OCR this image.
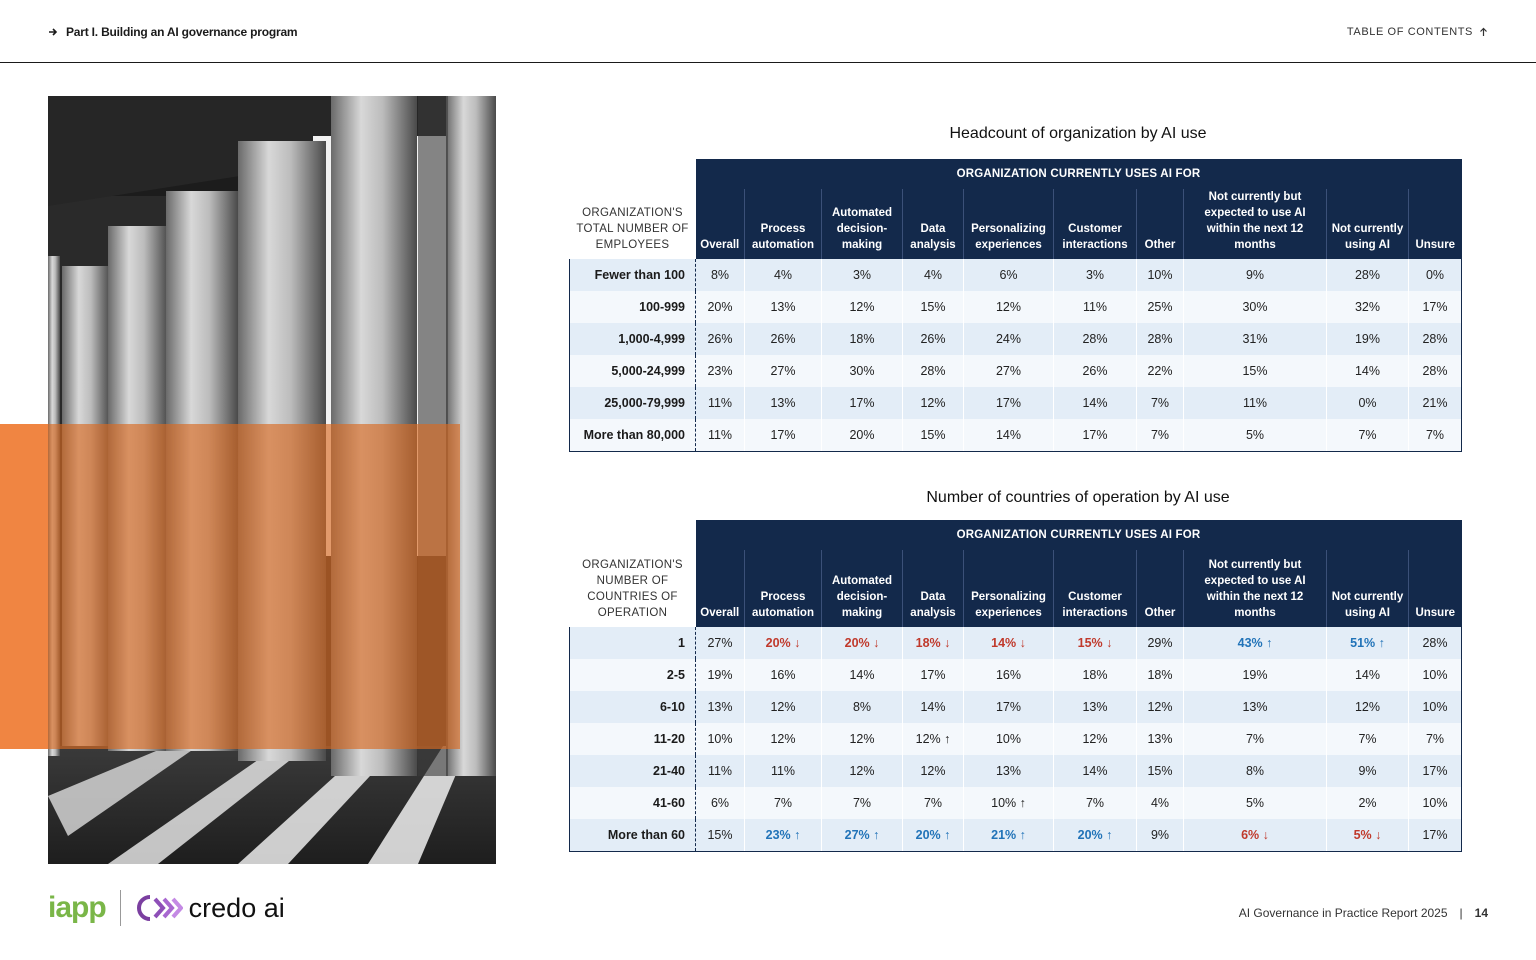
Part I. Building an AI governance program	TABLE OF CONTENTS
Headcount of organization by AI use
ORGANIZATION'S TOTAL NUMBER OF EMPLOYEES	ORGANIZATION CURRENTLY USES AI FOR									
	Overall	Process automation	Automated decision-making	Data analysis	Personalizing experiences	Customer interactions	Other	Not currently but expected to use AI within the next 12 months	Not currently using AI	Unsure
Fewer than 100	8%	4%	3%	4%	6%	3%	10%	9%	28%	0%
100-999	20%	13%	12%	15%	12%	11%	25%	30%	32%	17%
1,000-4,999	26%	26%	18%	26%	24%	28%	28%	31%	19%	28%
5,000-24,999	23%	27%	30%	28%	27%	26%	22%	15%	14%	28%
25,000-79,999	11%	13%	17%	12%	17%	14%	7%	11%	0%	21%
More than 80,000	11%	17%	20%	15%	14%	17%	7%	5%	7%	7%
Number of countries of operation by AI use
ORGANIZATION'S NUMBER OF COUNTRIES OF OPERATION	ORGANIZATION CURRENTLY USES AI FOR									
	Overall	Process automation	Automated decision-making	Data analysis	Personalizing experiences	Customer interactions	Other	Not currently but expected to use AI within the next 12 months	Not currently using AI	Unsure
1	27%	20% ↓	20% ↓	18% ↓	14% ↓	15% ↓	29%	43% ↑	51% ↑	28%
2-5	19%	16%	14%	17%	16%	18%	18%	19%	14%	10%
6-10	13%	12%	8%	14%	17%	13%	12%	13%	12%	10%
11-20	10%	12%	12%	12% ↑	10%	12%	13%	7%	7%	7%
21-40	11%	11%	12%	12%	13%	14%	15%	8%	9%	17%
41-60	6%	7%	7%	7%	10% ↑	7%	4%	5%	2%	10%
More than 60	15%	23% ↑	27% ↑	20% ↑	21% ↑	20% ↑	9%	6% ↓	5% ↓	17%
iapp	credo ai	AI Governance in Practice Report 2025 | 14
